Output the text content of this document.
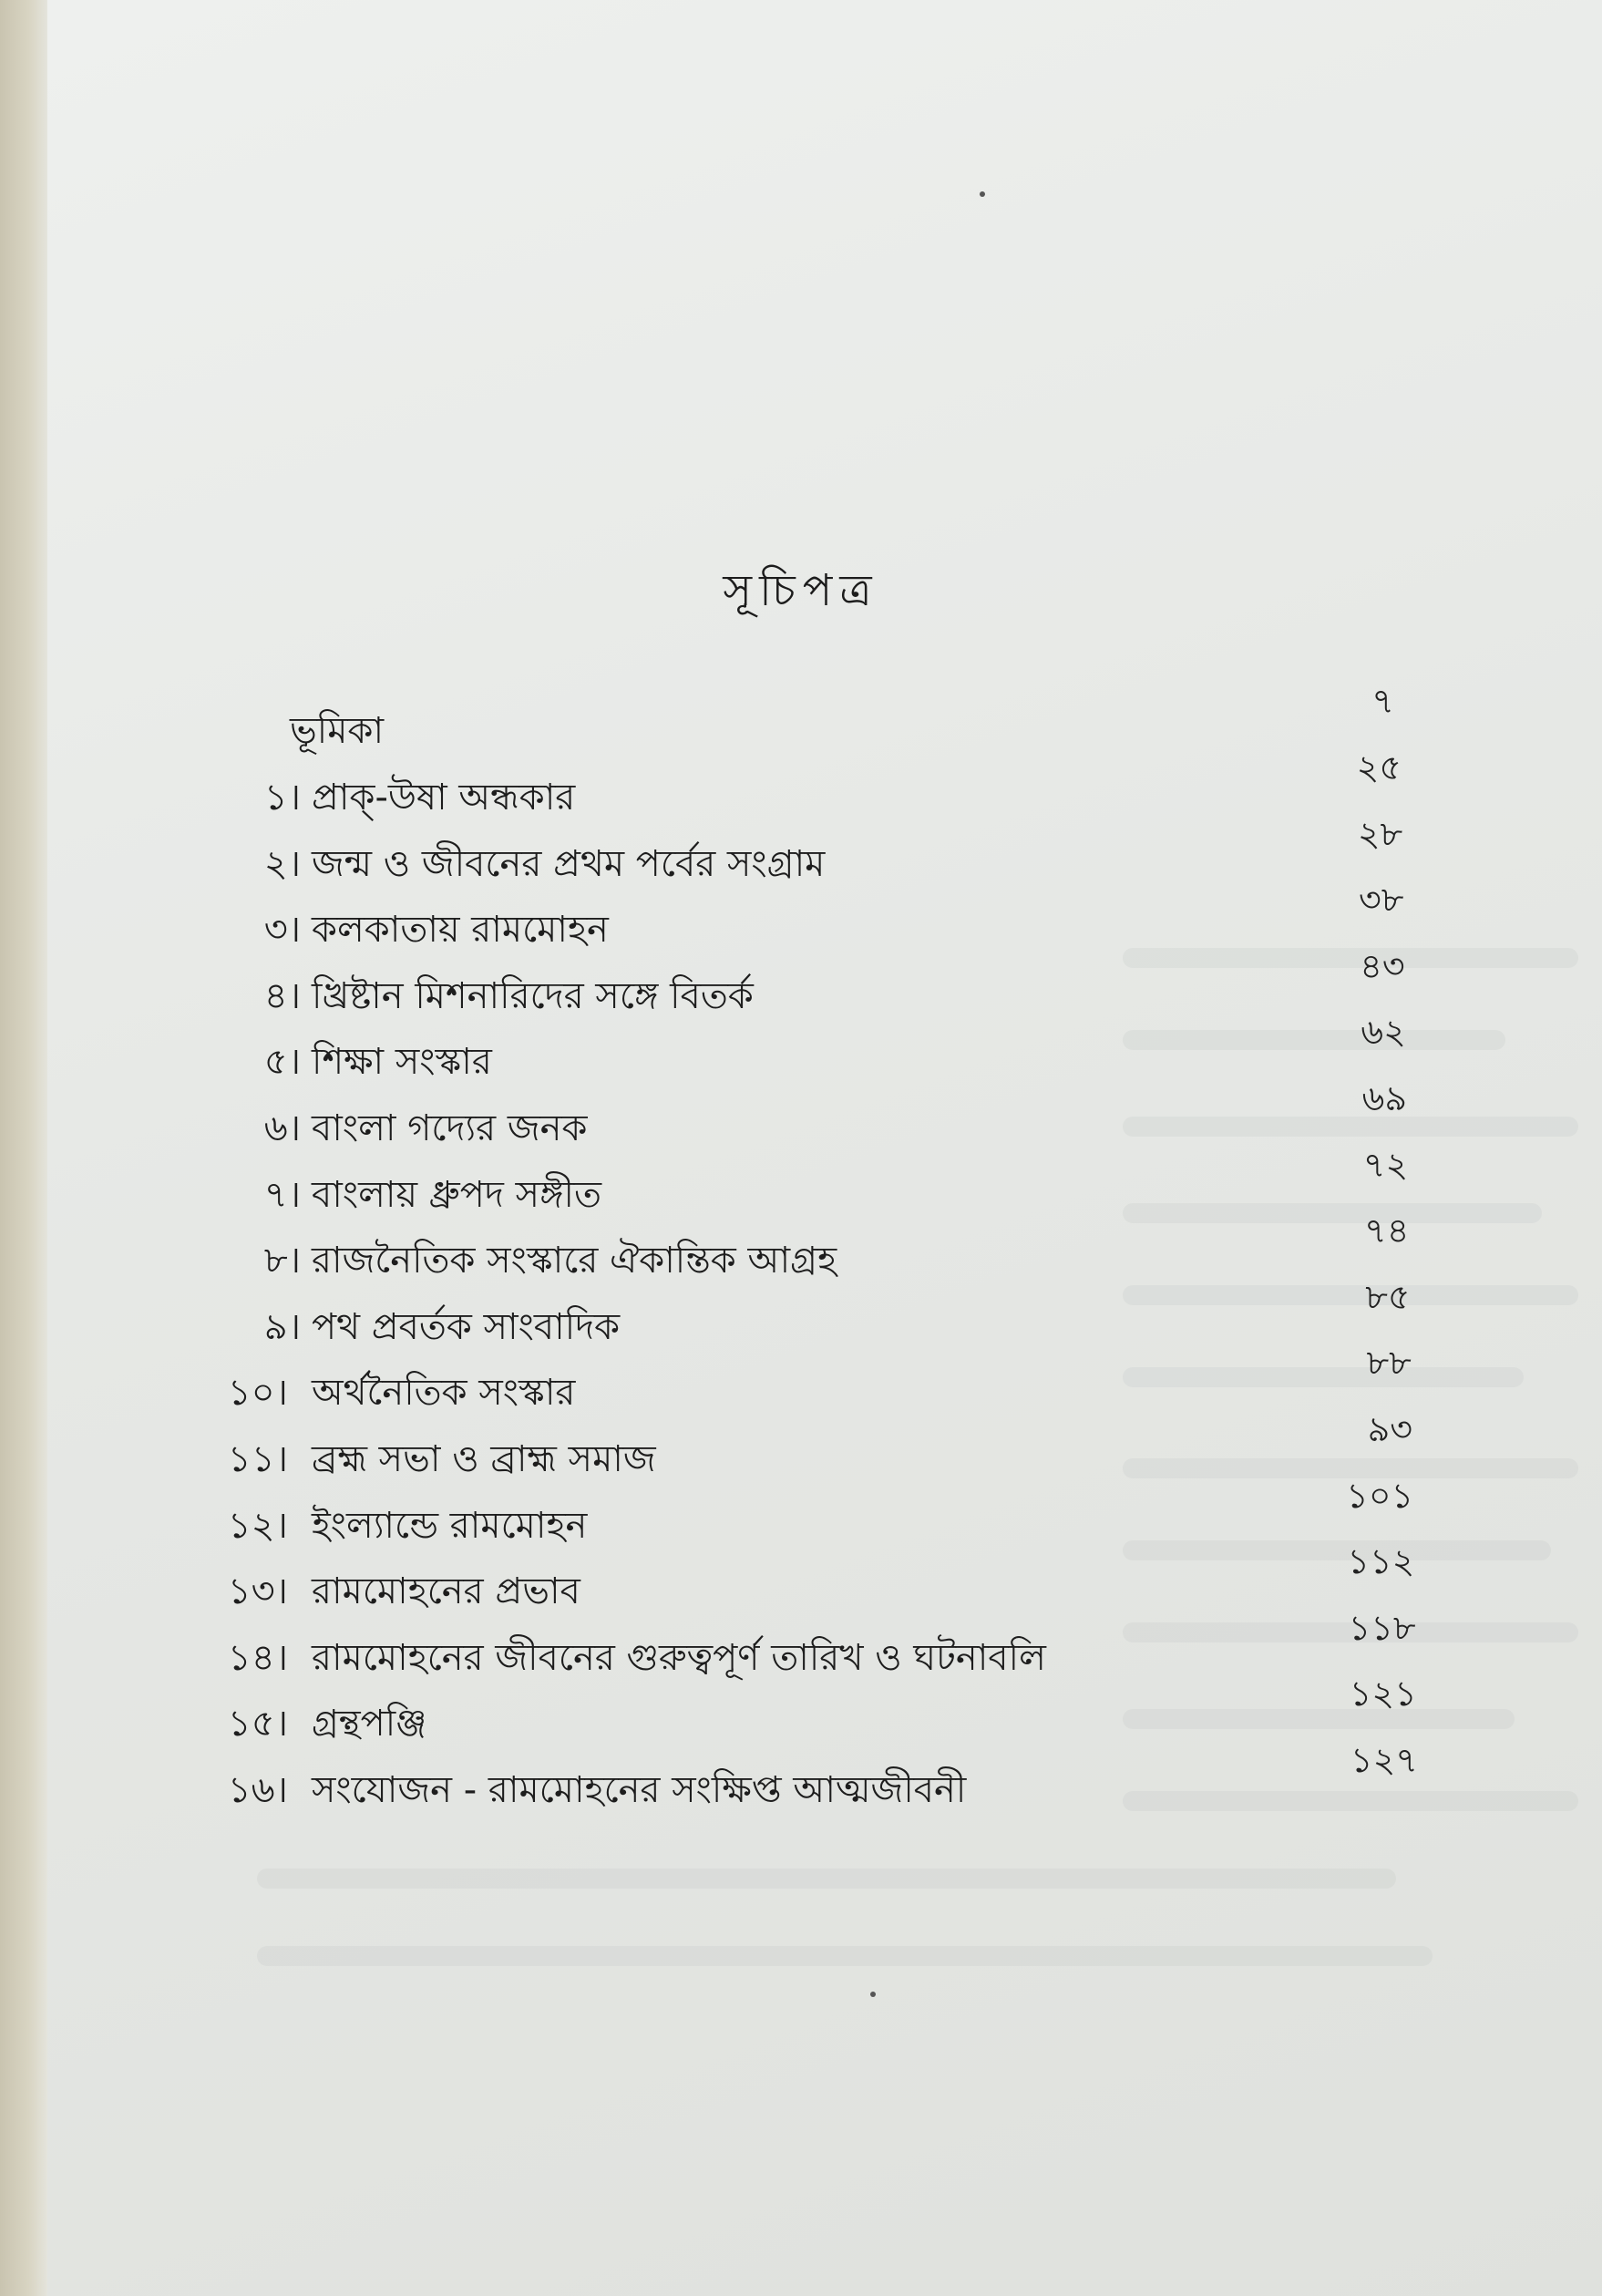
সূচিপত্র
ভূমিকা
৭
১। প্রাক্-উষা অন্ধকার
২৫
২। জন্ম ও জীবনের প্রথম পর্বের সংগ্রাম
২৮
৩। কলকাতায় রামমোহন
৩৮
৪। খ্রিষ্টান মিশনারিদের সঙ্গে বিতর্ক
৪৩
৫। শিক্ষা সংস্কার
৬২
৬। বাংলা গদ্যের জনক
৬৯
৭। বাংলায় ধ্রুপদ সঙ্গীত
৭২
৮। রাজনৈতিক সংস্কারে ঐকান্তিক আগ্রহ
৭৪
৯। পথ প্রবর্তক সাংবাদিক
৮৫
১০। অর্থনৈতিক সংস্কার
৮৮
১১। ব্রহ্ম সভা ও ব্রাহ্ম সমাজ
৯৩
১২। ইংল্যান্ডে রামমোহন
১০১
১৩। রামমোহনের প্রভাব
১১২
১৪। রামমোহনের জীবনের গুরুত্বপূর্ণ তারিখ ও ঘটনাবলি
১১৮
১৫। গ্রন্থপঞ্জি
১২১
১৬। সংযোজন - রামমোহনের সংক্ষিপ্ত আত্মজীবনী
১২৭
